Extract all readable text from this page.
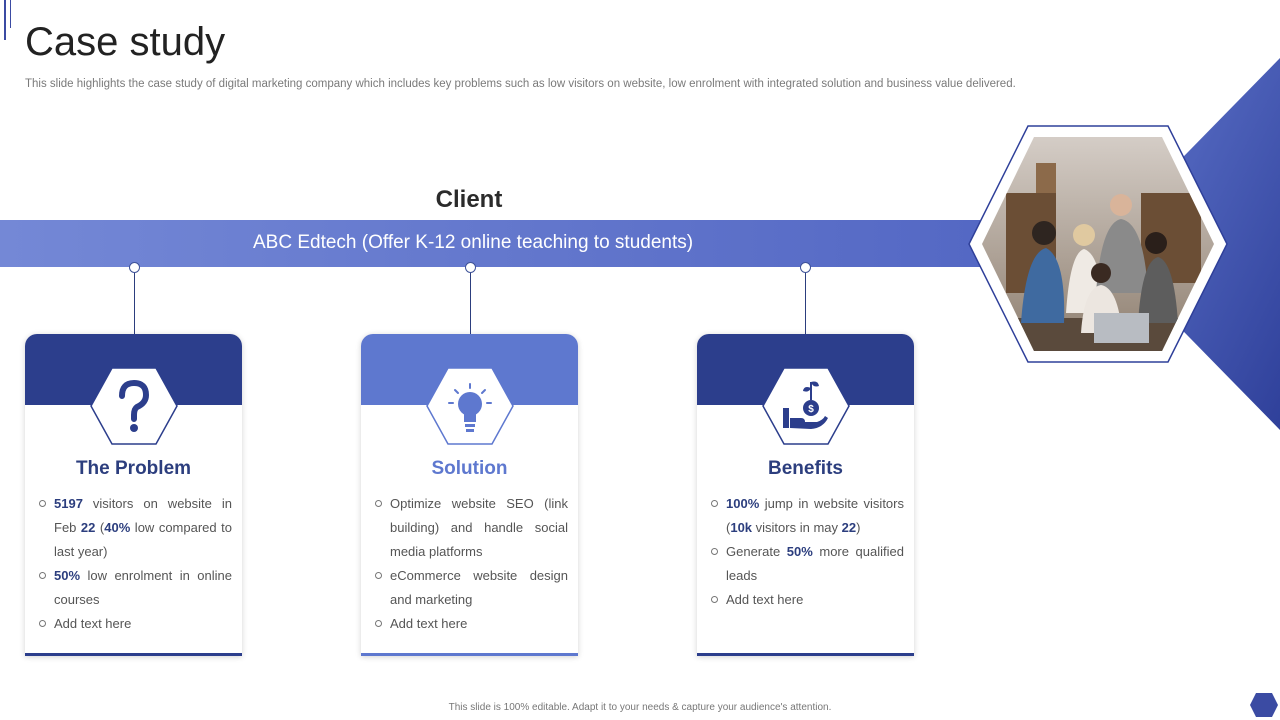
Case study
This slide highlights the case study of digital marketing company which includes key problems such as low visitors on website, low enrolment with integrated solution and business value delivered.
Client
ABC Edtech (Offer K-12 online teaching to students)
The Problem
5197 visitors on website in Feb 22 (40% low compared to last year)
50% low enrolment in online courses
Add text here
Solution
Optimize website SEO (link building) and handle social media platforms
eCommerce website design and marketing
Add text here
$
Benefits
100% jump in website visitors (10k visitors in may 22)
Generate 50% more qualified leads
Add text here
This slide is 100% editable. Adapt it to your needs & capture your audience's attention.
